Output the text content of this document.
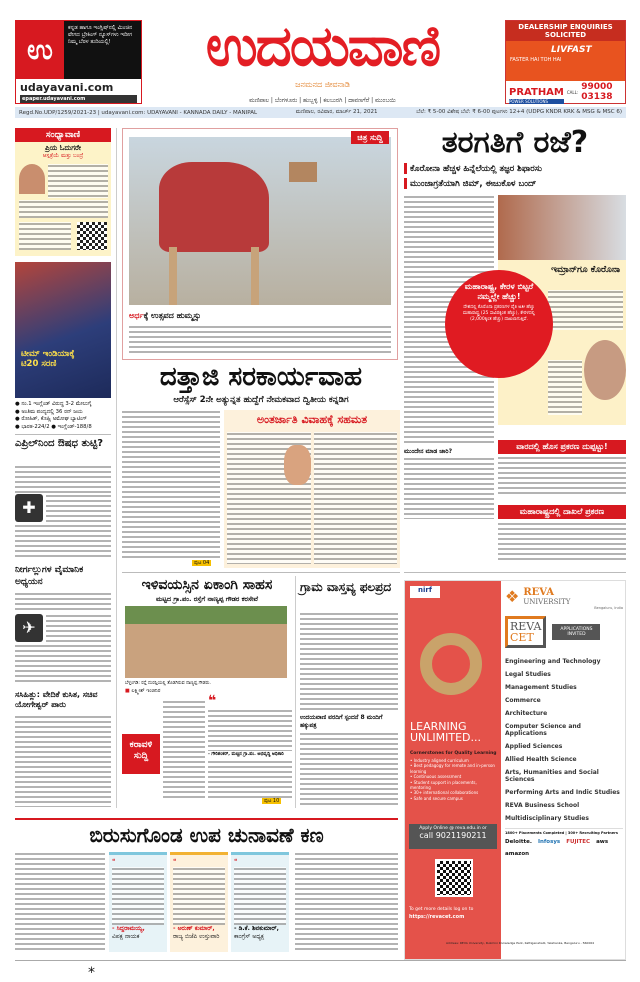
ಉ
ಕನ್ನಡ ಹಾಗೂ ಇಂಗ್ಲಿಷ್‌ನಲ್ಲಿ ಮಿಂಚಿನ ವೇಗದ ಬ್ರೇಕಿಂಗ್ ನ್ಯೂಸ್‌ಗಳು ಇದೀಗ ನಿಮ್ಮ ಬೆರಳ ತುದಿಯಲ್ಲಿ!
udayavani.com
epaper.udayavani.com
ಉದಯವಾಣಿ
ಜನಮನದ ಜೀವನಾಡಿ
ಮಣಿಪಾಲ | ಬೆಂಗಳೂರು | ಹುಬ್ಬಳ್ಳಿ | ಕಲಬುರಗಿ | ದಾವಣಗೆರೆ | ಮುಂಬಯಿ
DEALERSHIP ENQUIRIES SOLICITED
LIVFAST
FASTER HAI TOH HAI
PRATHAM
POWER SOLUTIONS
CALL: 99000 03138
Regd.No.UDP/1259/2021-23 | udayavani.com: UDAYAVANI - KANNADA DAILY - MANIPAL	ಮಣಿಪಾಲ, ರವಿವಾರ, ಮಾರ್ಚ್ 21, 2021	ಬೆಲೆ: ₹ 5-00 ವಿಶೇಷ ಬೆಲೆ: ₹ 6-00 ಪುಟಗಳು 12+4 (UDPG KNDR KRK & MSG & MSC 6)
ಸಂಧ್ಯಾವಾಣಿ
ಪ್ರಿಯ ಓದುಗರೇ
ಆಸ್ಪತ್ರೆಯೆ ಮತ್ತು ಬಂದ್ರೆ
ಟೀಮ್ ಇಂಡಿಯಾಕ್ಕೆ ಟಿ20 ಸರಣಿ
● ನಂ.1 ಇಂಗ್ಲೆಂಡ್ ವಿರುದ್ಧ 3-2 ಮೇಲುಗೈ
● ಅಂತಿಮ ಪಂದ್ಯದಲ್ಲಿ 36 ರನ್ ಜಯ
● ರೋಹಿತ್, ಕೊಹ್ಲಿ ಅಮೋಘ ಬ್ಯಾಟಿಂಗ್
● ಭಾರತ-224/2 ● ಇಂಗ್ಲೆಂಡ್-188/8
ಎಪ್ರಿಲ್‌ನಿಂದ ಔಷಧ ತುಟ್ಟಿ?
✚
ನೀರ್ಗಲ್ಲುಗಳ ವೈಮಾನಿಕ ಅಧ್ಯಯನ
✈
ಸಸಿಹಿತ್ಲು: ವೇದಿಕೆ ಕುಸಿತ, ಸಚಿವ ಯೋಗೇಶ್ವರ್ ಪಾರು
ಚಿತ್ರ ಸುದ್ದಿ
ಅರ್ಧಕ್ಕೆ ಉತ್ಸವದ ಹುಮ್ಮಸ್ಸು
ದತ್ತಾಜಿ ಸರಕಾರ್ಯವಾಹ
ಆರೆಸ್ಸೆಸ್ 2ನೇ ಅತ್ಯುನ್ನತ ಹುದ್ದೆಗೆ ನೇಮಕವಾದ ದ್ವಿತೀಯ ಕನ್ನಡಿಗ
ಪುಟ 04
ಅಂತರ್ಜಾತಿ ವಿವಾಹಕ್ಕೆ ಸಹಮತ
ಇಳಿವಯಸ್ಸಿನ ಏಕಾಂಗಿ ಸಾಹಸ
ಮಟ್ಟದ ಗ್ರಾ.ಪಂ. ರಸ್ತೆಗೆ ನಾಣ್ಯಪ್ಪ ಗೌಡರ ಕರಸೇವೆ
ಬೆಳ್ತಂಗಡಿ: ರಸ್ತೆ ದುರಸ್ತಿಯಲ್ಲಿ ತೊಡಗಿರುವ ನಾಣ್ಯಪ್ಪ ಗೌಡರು.
■ ಲಕ್ಷ್ಮೀಶ್ ಇಂಜಿನಿರ
ಕರಾವಳಿ ಸುದ್ದಿ
❝
- ಗೌರಿಶಂಕರ್, ಮಚ್ಚಿನ ಗ್ರಾ.ಪಂ. ಅಭಿವೃದ್ಧಿ ಅಧಿಕಾರಿ
ಪುಟ 10
ಗ್ರಾಮ ವಾಸ್ತವ್ಯ ಫಲಪ್ರದ
ಉದಯವಾಣಿ ವರದಿಗೆ ಸ್ಪಂದನೆ 8 ಮಂದಿಗೆ ಹಕ್ಕುಪತ್ರ
ತರಗತಿಗೆ ರಜೆ?
ಕೊರೋನಾ ಹೆಚ್ಚಳ ಹಿನ್ನೆಲೆಯಲ್ಲಿ ತಜ್ಞರ ಶಿಫಾರಸು
ಮುಂಜಾಗ್ರತೆಯಾಗಿ ಜಿಮ್, ಈಜುಕೊಳ ಬಂದ್
ಇಮ್ರಾನ್‌ಗೂ ಕೊರೊನಾ
ಮಹಾರಾಷ್ಟ್ರ, ಕೇರಳ ಬಿಟ್ಟರೆ ನಮ್ಮಲ್ಲೇ ಹೆಚ್ಚು!
ದೇಶದಲ್ಲಿ ಕೊರೊನಾ ಪ್ರಕರಣಗಳ ಪೈಕಿ ಅತೀ ಹೆಚ್ಚು ಮಹಾರಾಷ್ಟ್ರ (25 ಸಾವಿರಕ್ಕಿಂತ ಹೆಚ್ಚು), ಕೇರಳದಲ್ಲಿ (2,000ಕ್ಕಿಂತ ಹೆಚ್ಚು) ದಾಖಲಾಗುತ್ತಿವೆ.
ಮುಂದೇನ ಮಾಡ ಜಾರಿ?
ವಾರದಲ್ಲಿ ಹೊಸ ಪ್ರಕರಣ ದುಪ್ಪಟ್ಟು!
ಮಹಾರಾಷ್ಟ್ರದಲ್ಲಿ ದಾಖಲೆ ಪ್ರಕರಣ
nirf
LEARNING UNLIMITED...
Cornerstones for Quality Learning
• Industry aligned curriculum
• Best pedagogy for remote and in-person learning
• Continuous assessment
• Student support in placements, mentoring
• 30+ international collaborations
• Safe and secure campus
Apply Online @ reva.edu.in or
call 9021190211
To get more details log on to
https://revacet.com
❖ REVA
UNIVERSITY
Bengaluru, India
REVA
CET
APPLICATIONS INVITED
Engineering and Technology
Legal Studies
Management Studies
Commerce
Architecture
Computer Science and Applications
Applied Sciences
Allied Health Science
Arts, Humanities and Social Sciences
Performing Arts and Indic Studies
REVA Business School
Multidisciplinary Studies
1800+ Placements Completed | 300+ Recruiting Partners
Deloitte. Infosys FUJITEC aws
amazon
Address: REVA University, Rukmini Knowledge Park, Kattigenahalli, Yelahanka, Bengaluru - 560064
ಬಿರುಸುಗೊಂಡ ಉಪ ಚುನಾವಣೆ ಕಣ
❝
- ಸಿದ್ದರಾಮಯ್ಯ,
ವಿಪಕ್ಷ ನಾಯಕ
❝
- ಅರುಣ್ ಕುಮಾರ್,
ರಾಜ್ಯ ಬಿಜೆಪಿ ಉಸ್ತುವಾರಿ
❝
- ಡಿ.ಕೆ. ಶಿವಕುಮಾರ್,
ಕಾಂಗ್ರೆಸ್ ಅಧ್ಯಕ್ಷ
*
